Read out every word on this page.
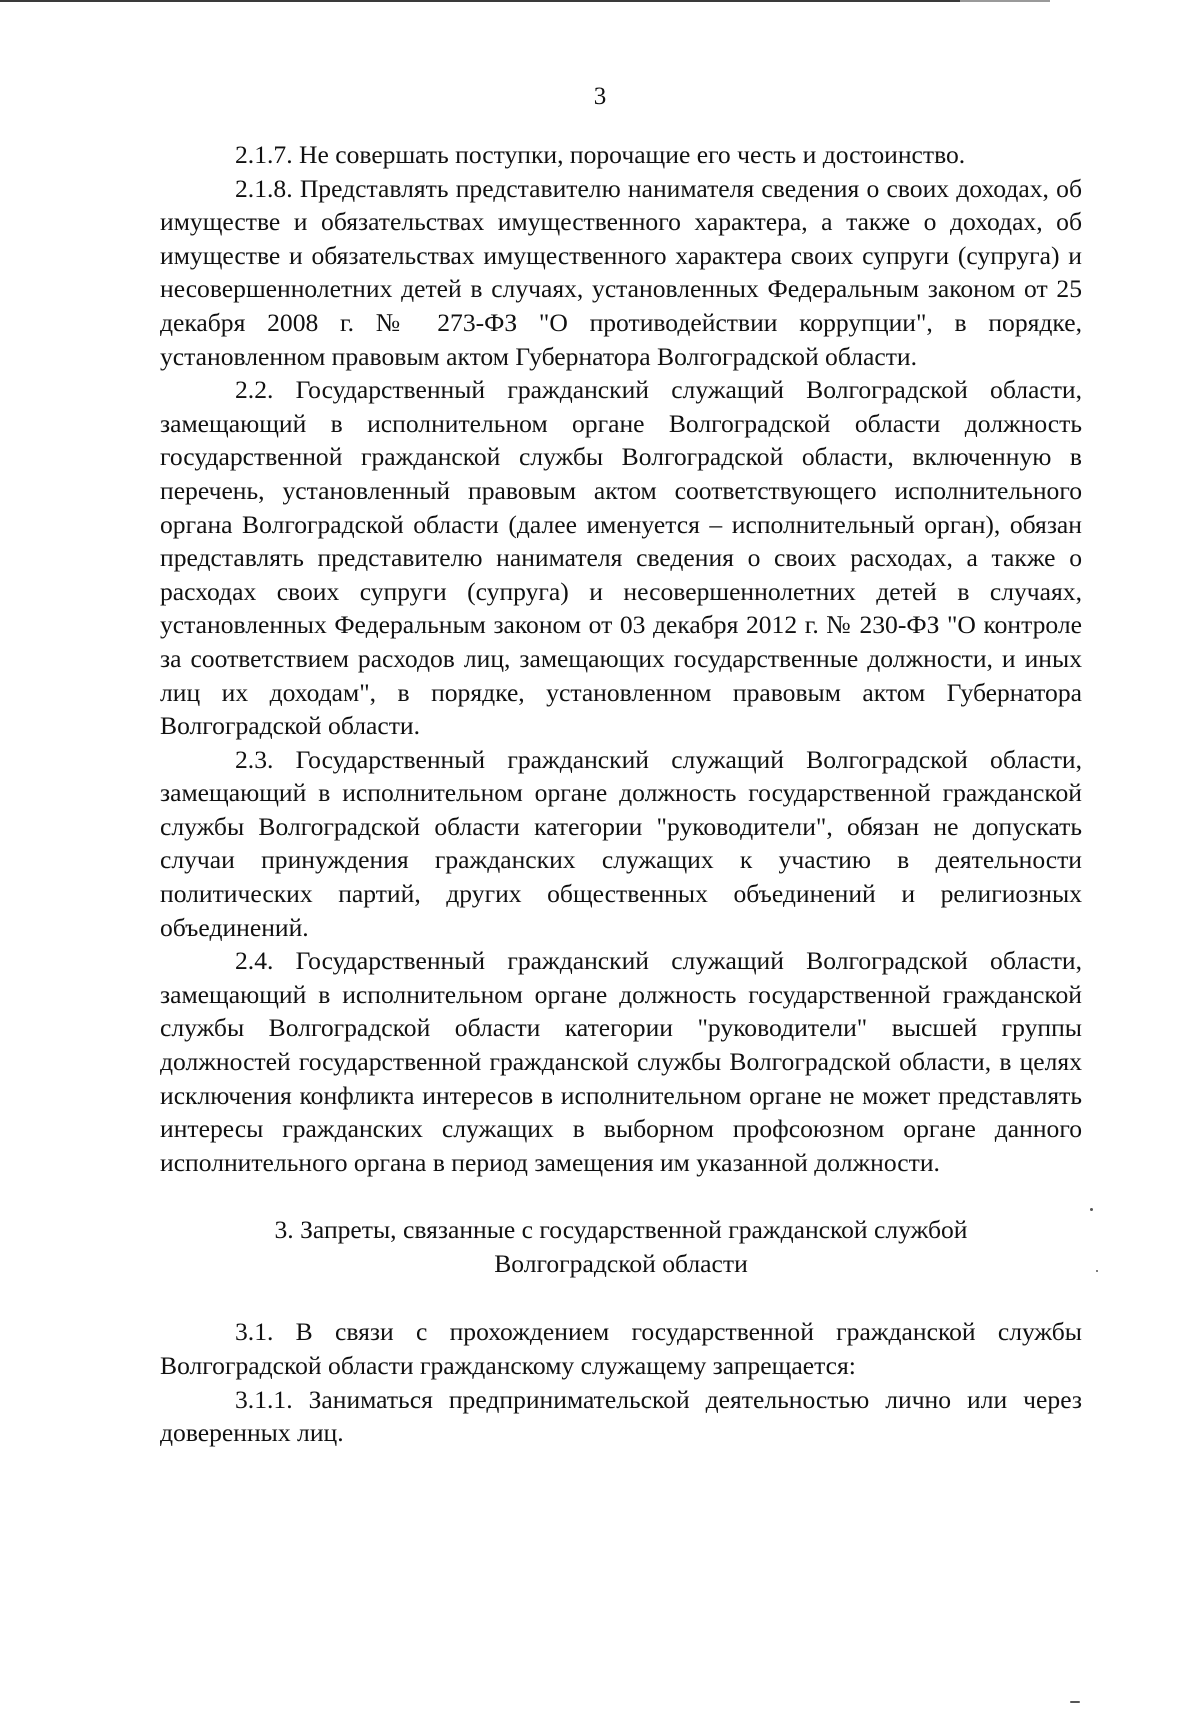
3

2.1.7. Не совершать поступки, порочащие его честь и достоинство.

2.1.8. Представлять представителю нанимателя сведения о своих доходах, об имуществе и обязательствах имущественного характера, а также о доходах, об имуществе и обязательствах имущественного характера своих супруги (супруга) и несовершеннолетних детей в случаях, установленных Федеральным законом от 25 декабря 2008 г. № 273-ФЗ "О противодействии коррупции", в порядке, установленном правовым актом Губернатора Волгоградской области.

2.2. Государственный гражданский служащий Волгоградской области, замещающий в исполнительном органе Волгоградской области должность государственной гражданской службы Волгоградской области, включенную в перечень, установленный правовым актом соответствующего исполнительного органа Волгоградской области (далее именуется – исполнительный орган), обязан представлять представителю нанимателя сведения о своих расходах, а также о расходах своих супруги (супруга) и несовершеннолетних детей в случаях, установленных Федеральным законом от 03 декабря 2012 г. № 230-ФЗ "О контроле за соответствием расходов лиц, замещающих государственные должности, и иных лиц их доходам", в порядке, установленном правовым актом Губернатора Волгоградской области.

2.3. Государственный гражданский служащий Волгоградской области, замещающий в исполнительном органе должность государственной гражданской службы Волгоградской области категории "руководители", обязан не допускать случаи принуждения гражданских служащих к участию в деятельности политических партий, других общественных объединений и религиозных объединений.

2.4. Государственный гражданский служащий Волгоградской области, замещающий в исполнительном органе должность государственной гражданской службы Волгоградской области категории "руководители" высшей группы должностей государственной гражданской службы Волгоградской области, в целях исключения конфликта интересов в исполнительном органе не может представлять интересы гражданских служащих в выборном профсоюзном органе данного исполнительного органа в период замещения им указанной должности.

3. Запреты, связанные с государственной гражданской службой
Волгоградской области

3.1. В связи с прохождением государственной гражданской службы Волгоградской области гражданскому служащему запрещается:

3.1.1. Заниматься предпринимательской деятельностью лично или через доверенных лиц.
